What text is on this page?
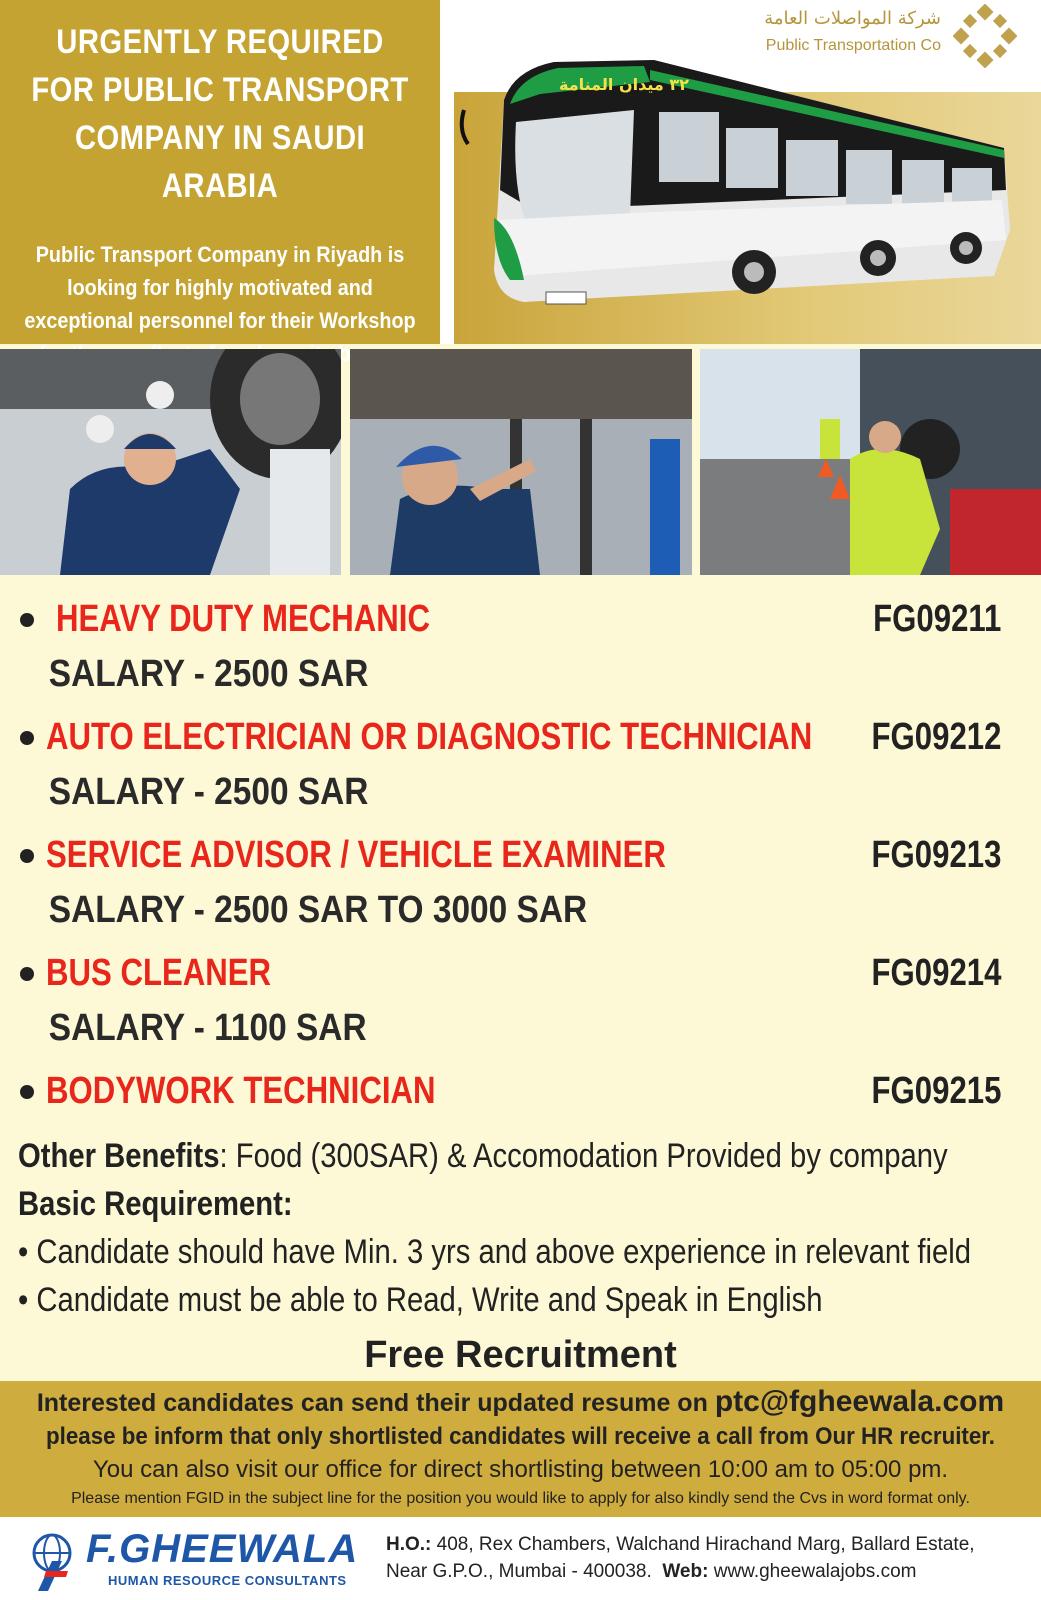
URGENTLY REQUIRED
FOR PUBLIC TRANSPORT
COMPANY IN SAUDI ARABIA

Public Transport Company in Riyadh is
looking for highly motivated and
exceptional personnel for their Workshop

شركة المواصلات العامة
Public Transportation Co
٣٢ ميدان المنامة
HEAVY DUTY MECHANIC	FG09211
SALARY - 2500 SAR
AUTO ELECTRICIAN OR DIAGNOSTIC TECHNICIAN FG09212
SALARY - 2500 SAR
SERVICE ADVISOR / VEHICLE EXAMINER	FG09213
SALARY - 2500 SAR TO 3000 SAR
BUS CLEANER	FG09214
SALARY - 1100 SAR
BODYWORK TECHNICIAN	FG09215
Other Benefits: Food (300SAR) & Accomodation Provided by company
Basic Requirement:
• Candidate should have Min. 3 yrs and above experience in relevant field
• Candidate must be able to Read, Write and Speak in English
Free Recruitment
Interested candidates can send their updated resume on ptc@fgheewala.com
please be inform that only shortlisted candidates will receive a call from Our HR recruiter.
You can also visit our office for direct shortlisting between 10:00 am to 05:00 pm.
Please mention FGID in the subject line for the position you would like to apply for also kindly send the Cvs in word format only.
F.GHEEWALA
HUMAN RESOURCE CONSULTANTS
H.O.: 408, Rex Chambers, Walchand Hirachand Marg, Ballard Estate,
Near G.P.O., Mumbai - 400038. Web: www.gheewalajobs.com
